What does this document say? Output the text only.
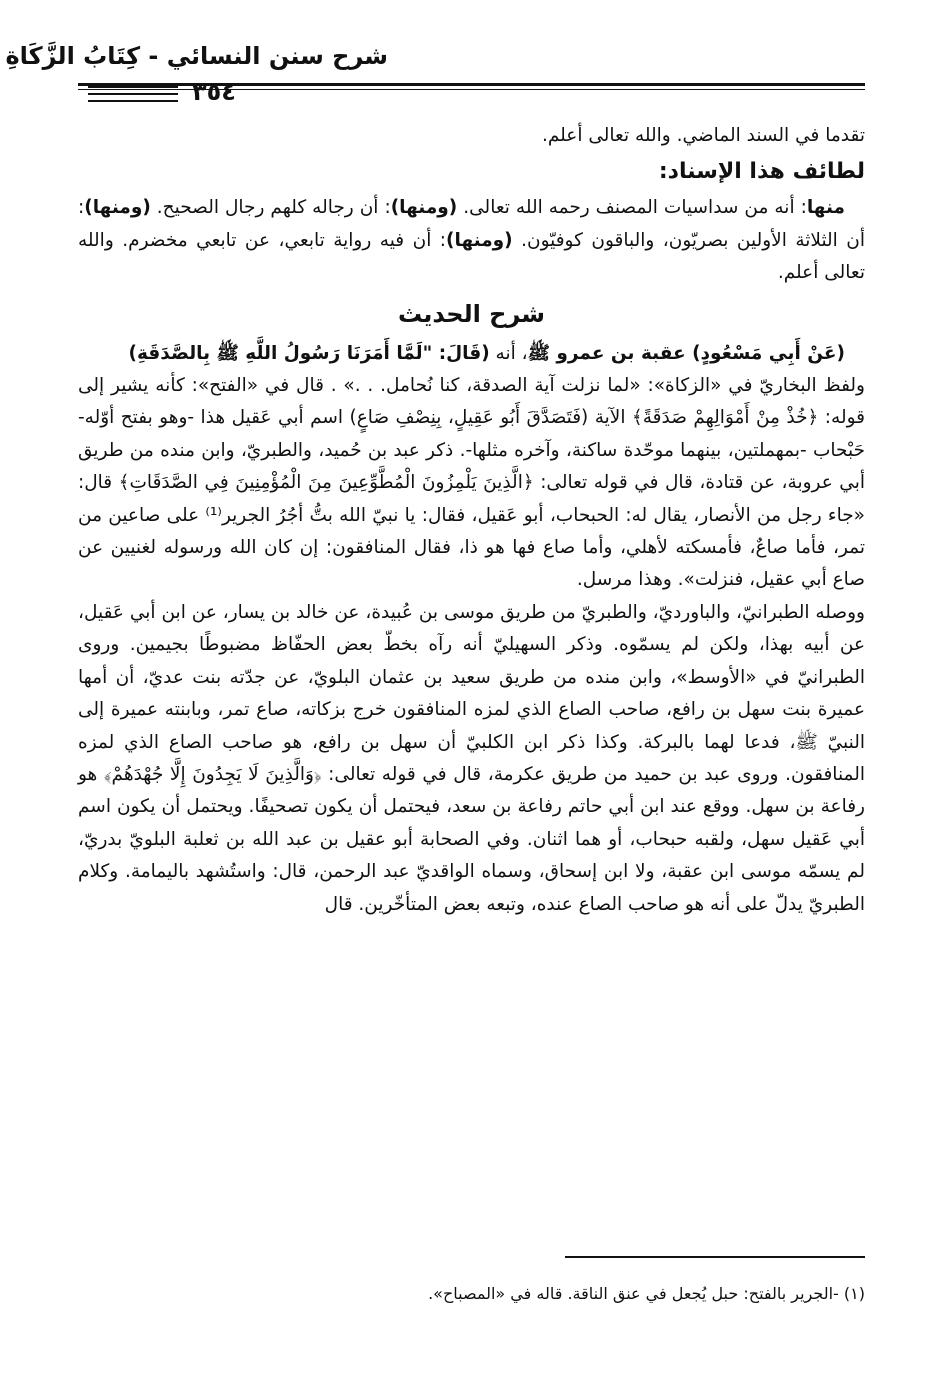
شرح سنن النسائي - كِتَابُ الزَّكَاةِ
٣٥٤

تقدما في السند الماضي. والله تعالى أعلم.

لطائف هذا الإسناد:

منها: أنه من سداسيات المصنف رحمه الله تعالى. (ومنها): أن رجاله كلهم رجال الصحيح. (ومنها): أن الثلاثة الأولين بصريّون، والباقون كوفيّون. (ومنها): أن فيه رواية تابعي، عن تابعي مخضرم. والله تعالى أعلم.

شرح الحديث

(عَنْ أَبِي مَسْعُودٍ) عقبة بن عمرو ﷺ، أنه (قَالَ: "لَمَّا أَمَرَنَا رَسُولُ اللَّهِ ﷺ بِالصَّدَقَةِ)

ولفظ البخاريّ في «الزكاة»: «لما نزلت آية الصدقة، كنا نُحامل. . .» . قال في «الفتح»: كأنه يشير إلى قوله: ﴿خُذْ مِنْ أَمْوَالِهِمْ صَدَقَةً﴾ الآية (فَتَصَدَّقَ أَبُو عَقِيلٍ، بِنِصْفِ صَاعٍ) اسم أبي عَقيل هذا -وهو بفتح أوّله- حَبْحاب -بمهملتين، بينهما موحّدة ساكنة، وآخره مثلها-. ذكر عبد بن حُميد، والطبريّ، وابن منده من طريق أبي عروبة، عن قتادة، قال في قوله تعالى: ﴿الَّذِينَ يَلْمِزُونَ الْمُطَّوِّعِينَ مِنَ الْمُؤْمِنِينَ فِي الصَّدَقَاتِ﴾ قال: «جاء رجل من الأنصار، يقال له: الحبحاب، أبو عَقيل، فقال: يا نبيّ الله بتُّ أجُرُ الجرير⁽¹⁾ على صاعين من تمر، فأما صاعٌ، فأمسكته لأهلي، وأما صاع فها هو ذا، فقال المنافقون: إن كان الله ورسوله لغنيين عن صاع أبي عقيل، فنزلت». وهذا مرسل.

ووصله الطبرانيّ، والباورديّ، والطبريّ من طريق موسى بن عُبيدة، عن خالد بن يسار، عن ابن أبي عَقيل، عن أبيه بهذا، ولكن لم يسمّوه. وذكر السهيليّ أنه رآه بخطّ بعض الحفّاظ مضبوطًا بجيمين. وروى الطبرانيّ في «الأوسط»، وابن منده من طريق سعيد بن عثمان البلويّ، عن جدّته بنت عديّ، أن أمها عميرة بنت سهل بن رافع، صاحب الصاع الذي لمزه المنافقون خرج بزكاته، صاع تمر، وبابنته عميرة إلى النبيّ ﷺ، فدعا لهما بالبركة. وكذا ذكر ابن الكلبيّ أن سهل بن رافع، هو صاحب الصاع الذي لمزه المنافقون. وروى عبد بن حميد من طريق عكرمة، قال في قوله تعالى: ﴿وَالَّذِينَ لَا يَجِدُونَ إِلَّا جُهْدَهُمْ﴾ هو رفاعة بن سهل. ووقع عند ابن أبي حاتم رفاعة بن سعد، فيحتمل أن يكون تصحيفًا. ويحتمل أن يكون اسم أبي عَقيل سهل، ولقبه حبحاب، أو هما اثنان. وفي الصحابة أبو عقيل بن عبد الله بن ثعلبة البلويّ بدريّ، لم يسمّه موسى ابن عقبة، ولا ابن إسحاق، وسماه الواقديّ عبد الرحمن، قال: واستُشهد باليمامة. وكلام الطبريّ يدلّ على أنه هو صاحب الصاع عنده، وتبعه بعض المتأخّرين. قال

(١) -الجرير بالفتح: حبل يُجعل في عنق الناقة. قاله في «المصباح».
